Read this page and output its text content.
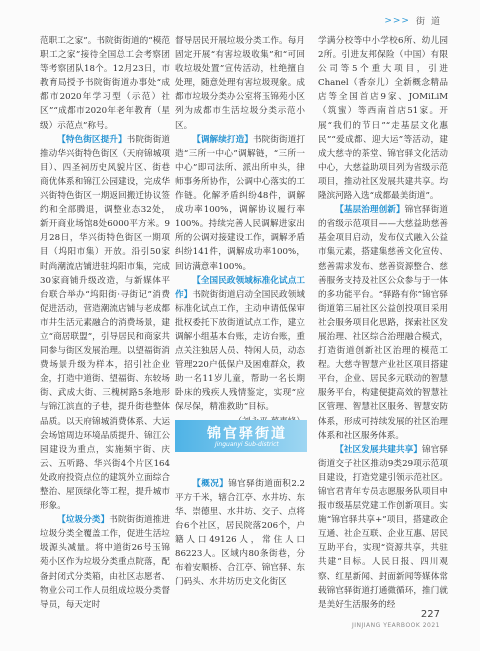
>>> 街 道

范职工之家”。书院街街道的“模范职工之家”接待全国总工会考察团等考察团队18个。12月23日，市教育局授予书院街街道办事处“成都市2020年学习型（示范）社区”“成都市2020年老年教育（星级）示范点”称号。

【特色街区提升】书院街街道推动华兴街特色街区（天府锦城项目）、四圣祠历史风貌片区、街巷商优体系和锦江公园建设，完成华兴街特色街区一期返回搬迁协议签约和全部腾退，调整业态32处，新开商业场馆8处6000平方米。9月28日，华兴街特色街区一期项目（坞阳市集）开放。沿引50家时尚潮流店铺进驻坞阳市集，完成30家商铺升级改造，与新媒体平台联合举办“坞阳街·寻街记”消费促进活动，营造潮流店铺与老成都市井生活元素融合的消费场景，建立“商居联盟”，引导居民和商家共同参与街区发展治理。以望福街消费场景升级为样本，招引社企业金，打造中道街、望福街、东较场街、武成大街、三槐树路5条地形与锦江滨直的子巷，提升街巷整体品质。以天府锦城消费体系、大运会场馆周边环境品质提升、锦江公园建设为重点，实施频宇街、庆云、五听路、华兴街4个片区164处政府投资点位的建筑外立面综合整治、屋顶绿化等工程，提升城市形象。

【垃圾分类】书院街街道推进垃圾分类全覆盖工作，促进生活垃圾源头减量。将中道街26号玉锦苑小区作为垃圾分类重点院落，配备封闭式分类箱，由社区志愿者、物业公司工作人员组成垃圾分类督导员，每天定时

督导居民开展垃圾分类工作。每月固定开展“有害垃圾收集”和“可回收垃圾处置”宣传活动，杜绝擅自处理，随意处理有害垃圾现象。成都市垃圾分类办公室将玉锦苑小区列为成都市生活垃圾分类示范小区。

【调解续打造】书院街街道打造“三所一中心”调解链，“三所一中心”即司法所、派出所申头，律师事务所协作，公调中心落实的工作链。化解矛盾纠纷48件，调解成功率100%，调解协议履行率100%。持续完善人民调解进家出所的公调对接建设工作，调解矛盾纠纷141件，调解成功率100%，回访满意率100%。

【全国民政领域标准化试点工作】书院街街道启动全国民政领域标准化试点工作，主动申请低保审批权委托下放街道试点工作，建立调解小组基本台账，走访台账，重点关注独居人员、特闲人员，动态管理220户低保户及困难群众，救助一名11岁儿童，帮助一名长期卧床的残疾人残情鉴定，实现“应保尽保，精准救助”目标。

【概况】锦官驿街道面积2.2平方千米，辖合江亭、水井坊、东华、崇德里、水井坊、交子、点将台6个社区，居民院落206个，户籍人口49126人，常住人口86223人。区域内80条街巷，分布着安顺桥、合江亭、锦官驿、东门码头、水井坊历史文化街区

锦官驿街道
Jinguanyi Sub-district

学满分校等中小学校6所、幼儿园2所。引进友邦保险（中国）有限公司等5个重大项目，引进Chanel（香奈儿）全新概念精品店等全国首店9家、JOMiLiM（筑蜜）等西南首店51家。开展“我们的节日”“走基层文化惠民”“爱成都、迎大运”等活动，建成大慈寺的茶堂、锦官驿文化活动中心，大慈益助项目列为省级示范项目，推动社区发展共建共享。均隆滨河路入选“成都最美街道”。

【基层治理创新】锦官驿街道的省级示范项目——大慈益助慈善基金项目启动，发布仪式融入公益市集元素，搭建集慈善文化宣传、慈善需求发布、慈善资源整合、慈善服务支持及社区公众参与于一体的多功能平台。“驿路有你”锦官驿街道第三届社区公益创投项目采用社会服务项目化思路，探索社区发展治理、社区综合治理融合模式，打造街道创新社区治理的模范工程。大慈寺智慧产业社区项目搭建平台，企业、居民多元联动的智慧服务平台，构建便捷高效的智慧社区管理、智慧社区服务、智慧安防体系，形成可持续发展的社区治理体系和社区服务体系。

【社区发展共建共享】锦官驿街道交子社区推动9类29项示范项目建设，打造党建引领示范社区。锦官君青年专员志愿服务队项目申报市级基层党建工作创新项目。实施“锦官驿共享+”项目，搭建政企互通、社企互联、企业互惠、居民互助平台，实现“资源共享，共驻共建”目标。人民日报、四川观察、红星新闻、封面新闻等媒体常载锦官驿街道打通微循环，推门就是美好生活服务的经

227
JINJIANG YEARBOOK 2021
